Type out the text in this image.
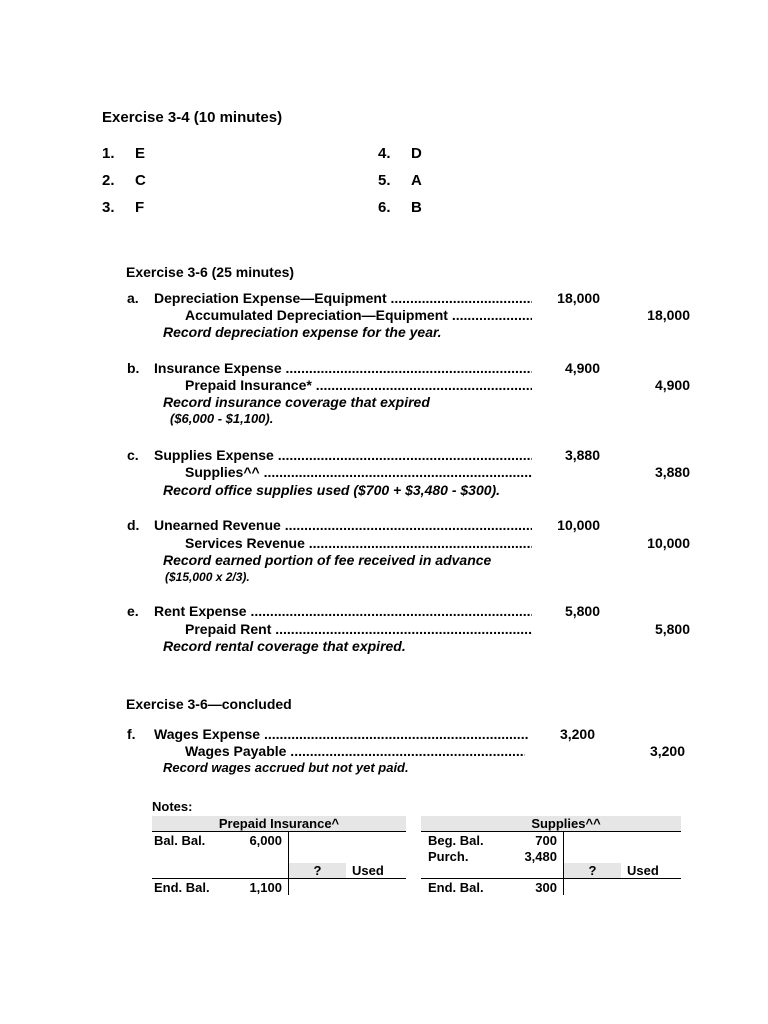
Exercise 3-4 (10 minutes)
1. E
2. C
3. F
4. D
5. A
6. B
Exercise 3-6 (25 minutes)
a. Depreciation Expense—Equipment .....	18,000
Accumulated Depreciation—Equipment .....	18,000
Record depreciation expense for the year.
b. Insurance Expense .....	4,900
Prepaid Insurance* .....	4,900
Record insurance coverage that expired
($6,000 - $1,100).
c. Supplies Expense .....	3,880
Supplies^^ .....	3,880
Record office supplies used ($700 + $3,480 - $300).
d. Unearned Revenue .....	10,000
Services Revenue .....	10,000
Record earned portion of fee received in advance
($15,000 x 2/3).
e. Rent Expense .....	5,800
Prepaid Rent .....	5,800
Record rental coverage that expired.
Exercise 3-6—concluded
f. Wages Expense .....	3,200
Wages Payable .....	3,200
Record wages accrued but not yet paid.
Notes:
Prepaid Insurance^
Bal. Bal.	6,000
?	Used
End. Bal.	1,100
Supplies^^
Beg. Bal.	700
Purch.	3,480
?	Used
End. Bal.	300
